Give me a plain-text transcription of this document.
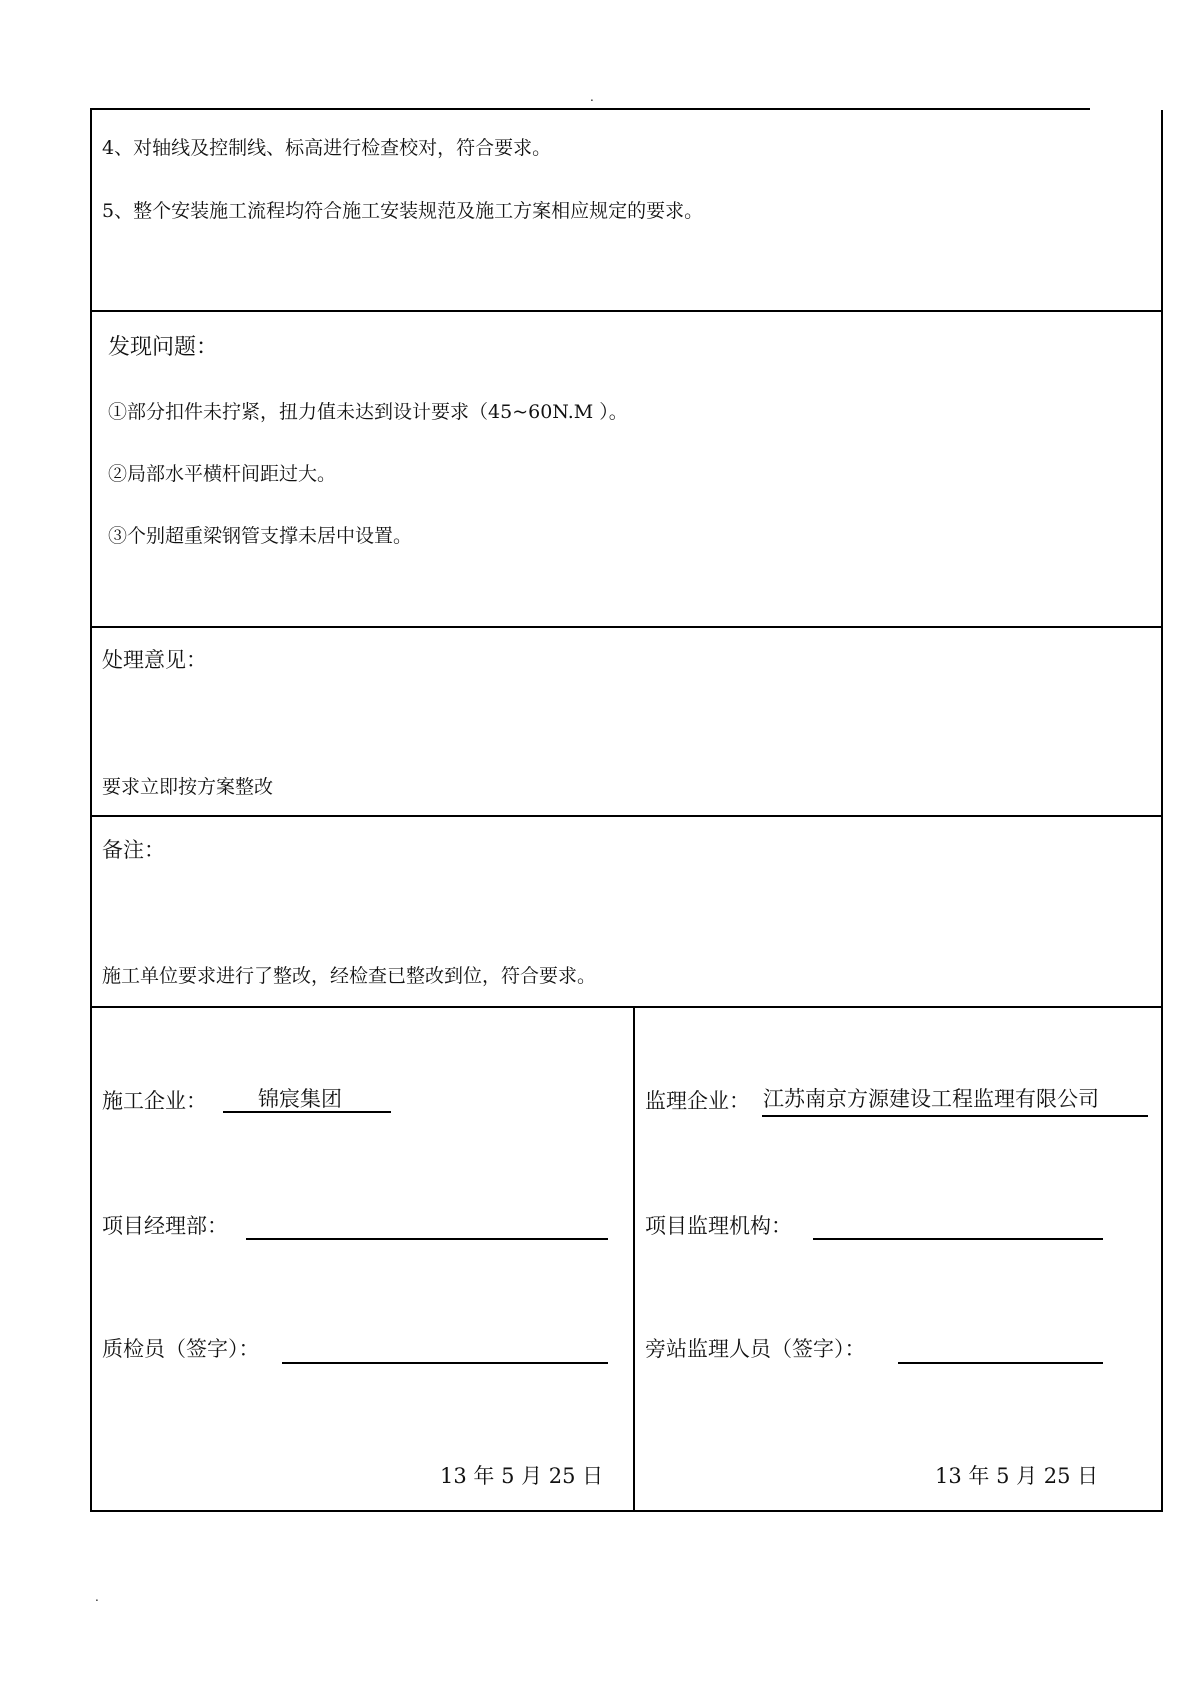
.
.
4、对轴线及控制线、标高进行检查校对，符合要求。
5、整个安装施工流程均符合施工安装规范及施工方案相应规定的要求。
发现问题：
①部分扣件未拧紧，扭力值未达到设计要求（45~60N.M ）。
②局部水平横杆间距过大。
③个别超重梁钢管支撑未居中设置。
处理意见：
要求立即按方案整改
备注：
施工单位要求进行了整改，经检查已整改到位，符合要求。
施工企业： 锦宸集团
项目经理部：
质检员（签字）：
13 年 5 月 25 日
监理企业： 江苏南京方源建设工程监理有限公司
项目监理机构：
旁站监理人员（签字）：
13 年 5 月 25 日
